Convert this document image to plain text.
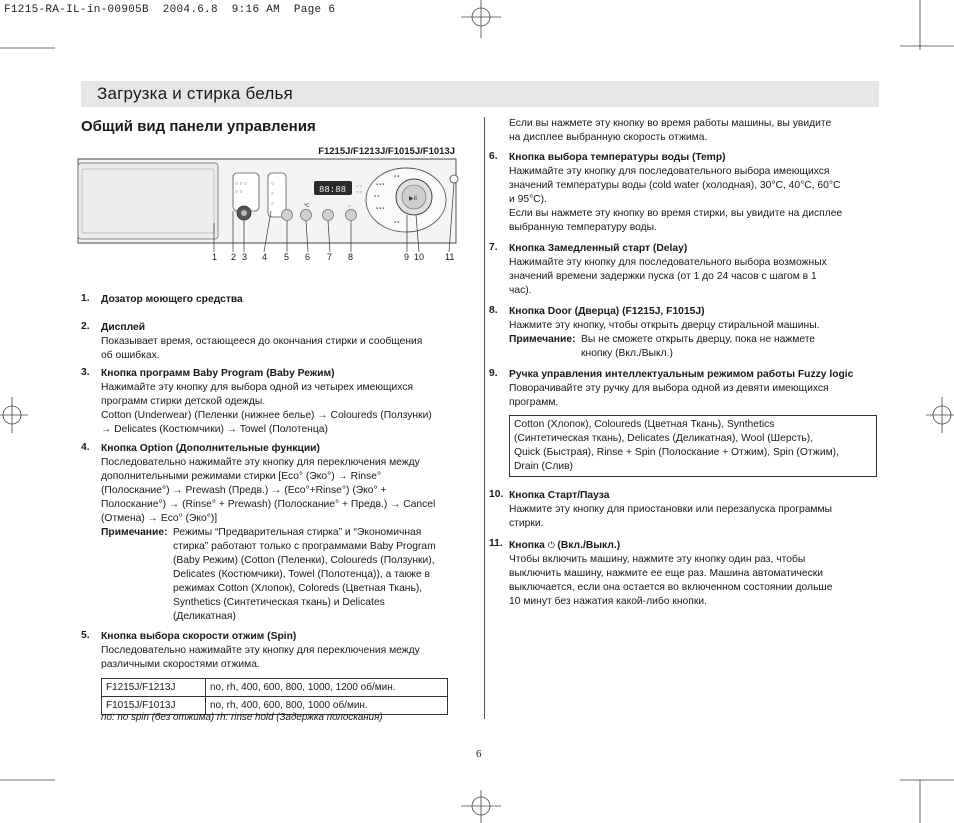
F1215-RA-IL-in-00905B  2004.6.8  9:16 AM  Page 6
Загрузка и стирка белья
Общий вид панели управления
F1215J/F1213J/F1015J/F1013J
○ ○ ○
○ ○
○
○
○
88:88 ○ ○
○ ○
℃	⇔
▶II
● ● ●
● ●
● ● ●
● ●
● ●
1 2 3 4 5 6 7 8	9 10 11
1. Дозатор моющего средства
2. Дисплей
Показывает время, остающееся до окончания стирки и сообщения
об ошибках.
3. Кнопка программ Baby Program (Baby Режим)
Нажимайте эту кнопку для выбора одной из четырех имеющихся
программ стирки детской одежды.
Cotton (Underwear) (Пеленки (нижнее белье) → Coloureds (Ползунки)
→ Delicates (Костюмчики) → Towel (Полотенца)
4. Кнопка Option (Дополнительные функции)
Последовательно нажимайте эту кнопку для переключения между
дополнительными режимами стирки [Eco° (Эко°) → Rinse°
(Полоскание°) → Prewash (Предв.) → (Eco°+Rinse°) (Эко° +
Полоскание°) → (Rinse° + Prewash) (Полоскание° + Предв.) → Cancel
(Отмена) → Eco° (Эко°)]
Примечание: Режимы “Предварительная стирка” и “Экономичная
стирка” работают только с программами Baby Program
(Baby Режим) (Cotton (Пеленки), Coloureds (Ползунки),
Delicates (Костюмчики), Towel (Полотенца)), а также в
режимах Cotton (Хлопок), Coloreds (Цветная Ткань),
Synthetics (Синтетическая ткань) и Delicates
(Деликатная)
5. Кнопка выбора скорости отжим (Spin)
Последовательно нажимайте эту кнопку для переключения между
различными скоростями отжима.
F1215J/F1213J	no, rh, 400, 600, 800, 1000, 1200 об/мин.
F1015J/F1013J	no, rh, 400, 600, 800, 1000 об/мин.
no: no spin (без отжима) rh: rinse hold (Задержка полоскания)
Если вы нажмете эту кнопку во время работы машины, вы увидите
на дисплее выбранную скорость отжима.
6. Кнопка выбора температуры воды (Temp)
Нажимайте эту кнопку для последовательного выбора имеющихся
значений температуры воды (cold water (холодная), 30°C, 40°C, 60°C
и 95°C).
Если вы нажмете эту кнопку во время стирки, вы увидите на дисплее
выбранную температуру воды.
7. Кнопка Замедленный старт (Delay)
Нажимайте эту кнопку для последовательного выбора возможных
значений времени задержки пуска (от 1 до 24 часов с шагом в 1
час).
8. Кнопка Door (Дверца) (F1215J, F1015J)
Нажмите эту кнопку, чтобы открыть дверцу стиральной машины.
Примечание: Вы не сможете открыть дверцу, пока не нажмете
кнопку (Вкл./Выкл.)
9. Ручка управления интеллектуальным режимом работы Fuzzy logic
Поворачивайте эту ручку для выбора одной из девяти имеющихся
программ.
Cotton (Хлопок), Coloureds (Цветная Ткань), Synthetics
(Синтетическая ткань), Delicates (Деликатная), Wool (Шерсть),
Quick (Быстрая), Rinse + Spin (Полоскание + Отжим), Spin (Отжим),
Drain (Слив)
10. Кнопка Старт/Пауза
Нажмите эту кнопку для приостановки или перезапуска программы
стирки.
11. Кнопка ⏻ (Вкл./Выкл.)
Чтобы включить машину, нажмите эту кнопку один раз, чтобы
выключить машину, нажмите ее еще раз. Машина автоматически
выключается, если она остается во включенном состоянии дольше
10 минут без нажатия какой-либо кнопки.
6
